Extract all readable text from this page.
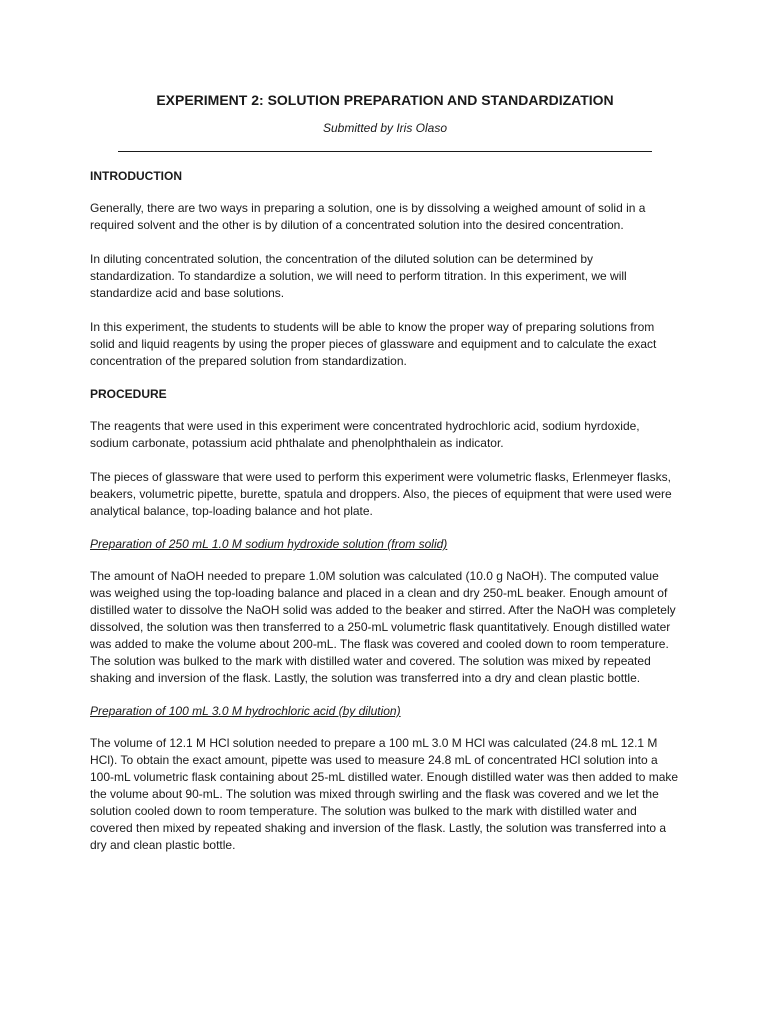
EXPERIMENT 2: SOLUTION PREPARATION AND STANDARDIZATION
Submitted by Iris Olaso
INTRODUCTION
Generally, there are two ways in preparing a solution, one is by dissolving a weighed amount of solid in a required solvent and the other is by dilution of a concentrated solution into the desired concentration.
In diluting concentrated solution, the concentration of the diluted solution can be determined by standardization. To standardize a solution, we will need to perform titration. In this experiment, we will standardize acid and base solutions.
In this experiment, the students to students will be able to know the proper way of preparing solutions from solid and liquid reagents by using the proper pieces of glassware and equipment and to calculate the exact concentration of the prepared solution from standardization.
PROCEDURE
The reagents that were used in this experiment were concentrated hydrochloric acid, sodium hyrdoxide, sodium carbonate, potassium acid phthalate and phenolphthalein as indicator.
The pieces of glassware that were used to perform this experiment were volumetric flasks, Erlenmeyer flasks, beakers, volumetric pipette, burette, spatula and droppers. Also, the pieces of equipment that were used were analytical balance, top-loading balance and hot plate.
Preparation of 250 mL 1.0 M sodium hydroxide solution (from solid)
The amount of NaOH needed to prepare 1.0M solution was calculated (10.0 g NaOH). The computed value was weighed using the top-loading balance and placed in a clean and dry 250-mL beaker. Enough amount of distilled water to dissolve the NaOH solid was added to the beaker and stirred. After the NaOH was completely dissolved, the solution was then transferred to a 250-mL volumetric flask quantitatively. Enough distilled water was added to make the volume about 200-mL. The flask was covered and cooled down to room temperature. The solution was bulked to the mark with distilled water and covered. The solution was mixed by repeated shaking and inversion of the flask. Lastly, the solution was transferred into a dry and clean plastic bottle.
Preparation of 100 mL 3.0 M hydrochloric acid (by dilution)
The volume of 12.1 M HCl solution needed to prepare a 100 mL 3.0 M HCl was calculated (24.8 mL 12.1 M HCl). To obtain the exact amount, pipette was used to measure 24.8 mL of concentrated HCl solution into a 100-mL volumetric flask containing about 25-mL distilled water. Enough distilled water was then added to make the volume about 90-mL. The solution was mixed through swirling and the flask was covered and we let the solution cooled down to room temperature. The solution was bulked to the mark with distilled water and covered then mixed by repeated shaking and inversion of the flask. Lastly, the solution was transferred into a dry and clean plastic bottle.
